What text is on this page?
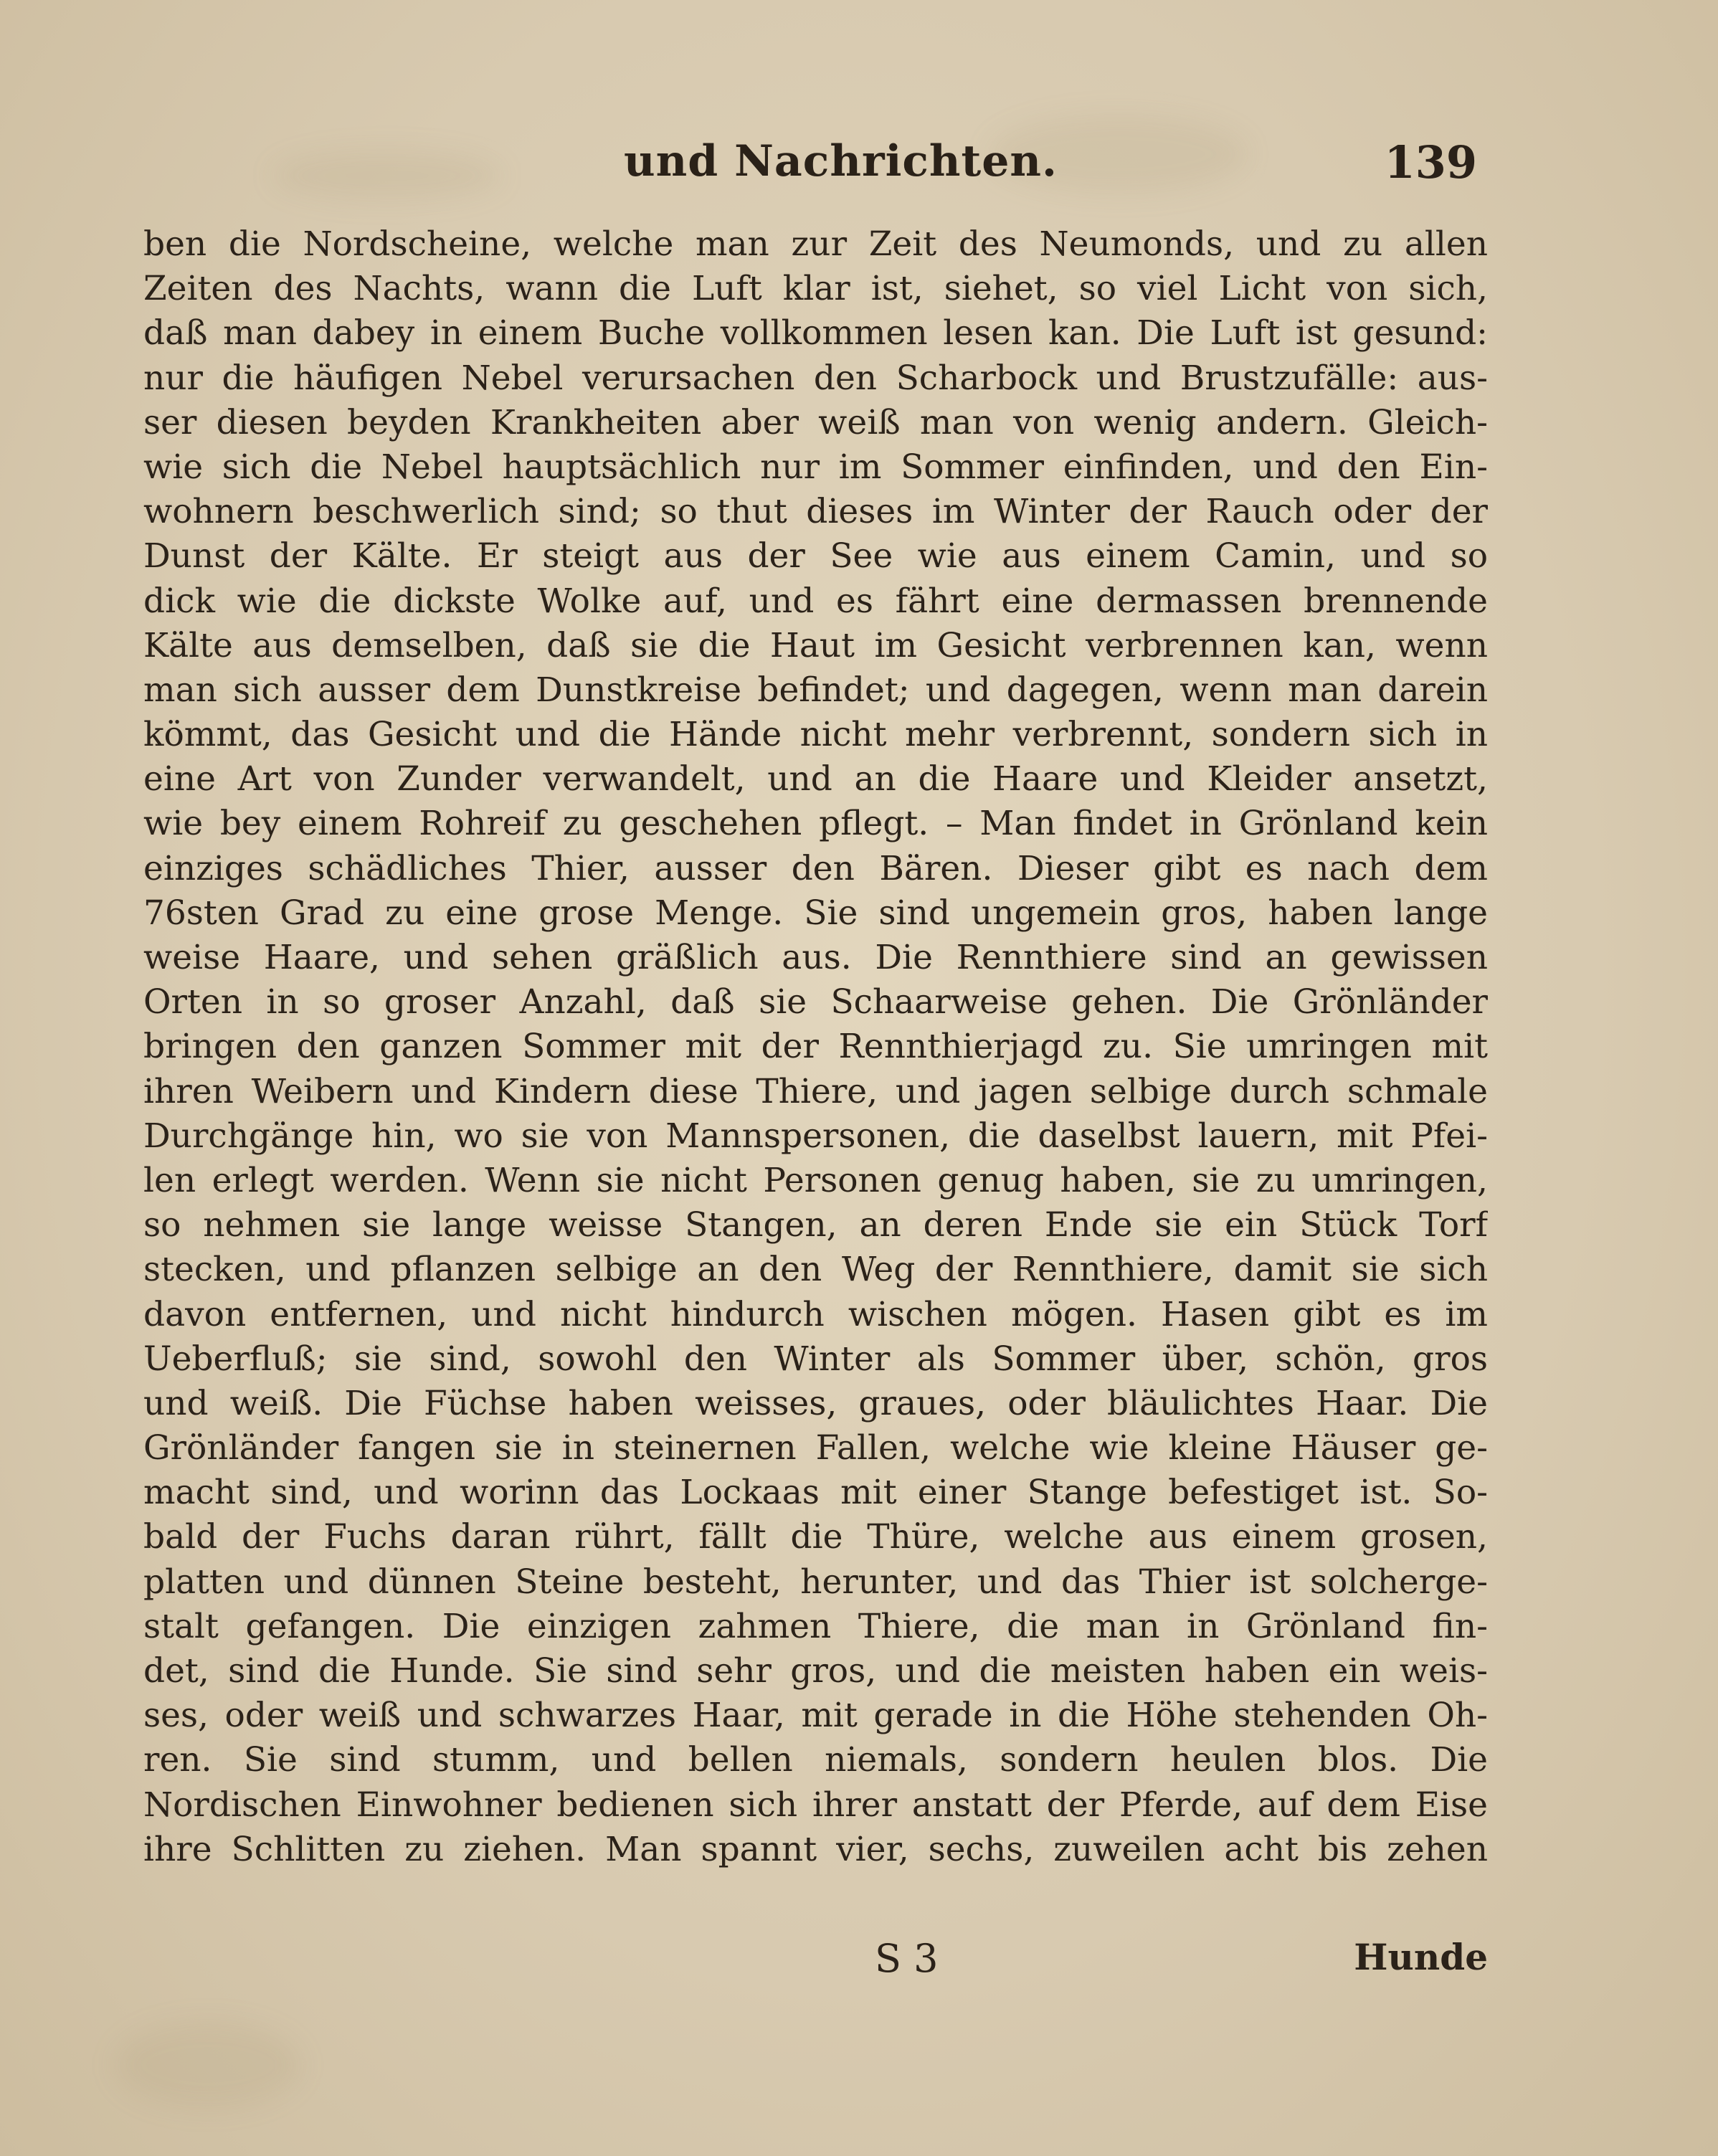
und Nachrichten.	139
ben die Nordscheine, welche man zur Zeit des Neumonds, und zu allen
Zeiten des Nachts, wann die Luft klar ist, siehet, so viel Licht von sich,
daß man dabey in einem Buche vollkommen lesen kan. Die Luft ist gesund:
nur die häufigen Nebel verursachen den Scharbock und Brustzufälle: aus-
ser diesen beyden Krankheiten aber weiß man von wenig andern. Gleich-
wie sich die Nebel hauptsächlich nur im Sommer einfinden, und den Ein-
wohnern beschwerlich sind; so thut dieses im Winter der Rauch oder der
Dunst der Kälte. Er steigt aus der See wie aus einem Camin, und so
dick wie die dickste Wolke auf, und es fährt eine dermassen brennende
Kälte aus demselben, daß sie die Haut im Gesicht verbrennen kan, wenn
man sich ausser dem Dunstkreise befindet; und dagegen, wenn man darein
kömmt, das Gesicht und die Hände nicht mehr verbrennt, sondern sich in
eine Art von Zunder verwandelt, und an die Haare und Kleider ansetzt,
wie bey einem Rohreif zu geschehen pflegt. – Man findet in Grönland kein
einziges schädliches Thier, ausser den Bären. Dieser gibt es nach dem
76sten Grad zu eine grose Menge. Sie sind ungemein gros, haben lange
weise Haare, und sehen gräßlich aus. Die Rennthiere sind an gewissen
Orten in so groser Anzahl, daß sie Schaarweise gehen. Die Grönländer
bringen den ganzen Sommer mit der Rennthierjagd zu. Sie umringen mit
ihren Weibern und Kindern diese Thiere, und jagen selbige durch schmale
Durchgänge hin, wo sie von Mannspersonen, die daselbst lauern, mit Pfei-
len erlegt werden. Wenn sie nicht Personen genug haben, sie zu umringen,
so nehmen sie lange weisse Stangen, an deren Ende sie ein Stück Torf
stecken, und pflanzen selbige an den Weg der Rennthiere, damit sie sich
davon entfernen, und nicht hindurch wischen mögen. Hasen gibt es im
Ueberfluß; sie sind, sowohl den Winter als Sommer über, schön, gros
und weiß. Die Füchse haben weisses, graues, oder bläulichtes Haar. Die
Grönländer fangen sie in steinernen Fallen, welche wie kleine Häuser ge-
macht sind, und worinn das Lockaas mit einer Stange befestiget ist. So-
bald der Fuchs daran rührt, fällt die Thüre, welche aus einem grosen,
platten und dünnen Steine besteht, herunter, und das Thier ist solcherge-
stalt gefangen. Die einzigen zahmen Thiere, die man in Grönland fin-
det, sind die Hunde. Sie sind sehr gros, und die meisten haben ein weis-
ses, oder weiß und schwarzes Haar, mit gerade in die Höhe stehenden Oh-
ren. Sie sind stumm, und bellen niemals, sondern heulen blos. Die
Nordischen Einwohner bedienen sich ihrer anstatt der Pferde, auf dem Eise
ihre Schlitten zu ziehen. Man spannt vier, sechs, zuweilen acht bis zehen
S 3	Hunde
